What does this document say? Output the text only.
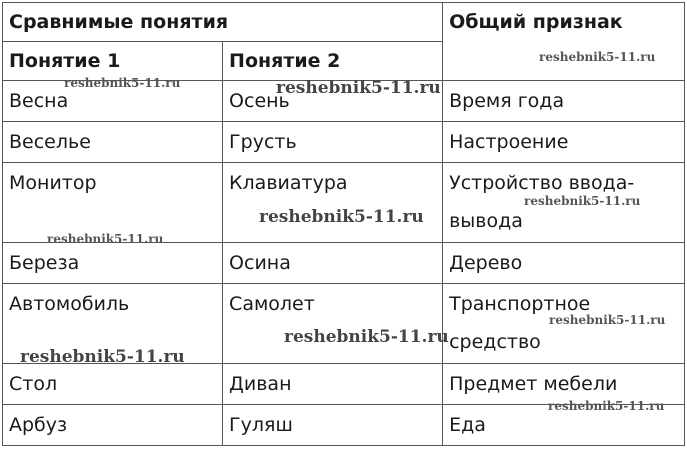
Сравнимые понятия		Общий признак
Понятие 1	Понятие 2	
Весна	Осень	Время года
Веселье	Грусть	Настроение
Монитор	Клавиатура	Устройство ввода-вывода
Береза	Осина	Дерево
Автомобиль	Самолет	Транспортное средство
Стол	Диван	Предмет мебели
Арбуз	Гуляш	Еда
reshebnik5-11.ru	reshebnik5-11.ru
reshebnik5-11.ru
reshebnik5-11.ru
reshebnik5-11.ru
reshebnik5-11.ru
reshebnik5-11.ru
reshebnik5-11.ru
reshebnik5-11.ru
reshebnik5-11.ru
